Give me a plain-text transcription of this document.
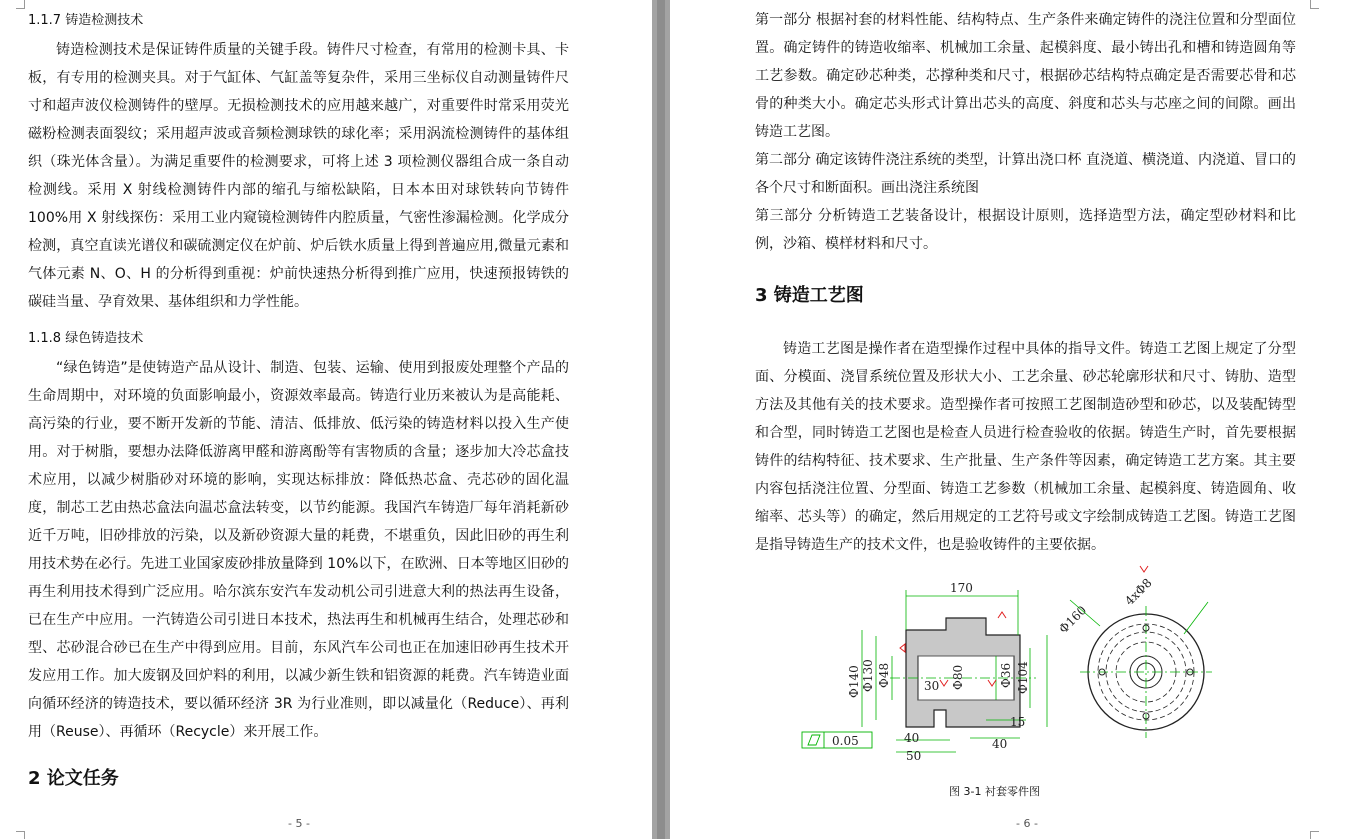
1.1.7 铸造检测技术

铸造检测技术是保证铸件质量的关键手段。铸件尺寸检查，有常用的检测卡具、卡板，有专用的检测夹具。对于气缸体、气缸盖等复杂件，采用三坐标仪自动测量铸件尺寸和超声波仪检测铸件的壁厚。无损检测技术的应用越来越广，对重要件时常采用荧光磁粉检测表面裂纹；采用超声波或音频检测球铁的球化率；采用涡流检测铸件的基体组织（珠光体含量）。为满足重要件的检测要求，可将上述 3 项检测仪器组合成一条自动检测线。采用 X 射线检测铸件内部的缩孔与缩松缺陷，日本本田对球铁转向节铸件 100%用 X 射线探伤：采用工业内窥镜检测铸件内腔质量，气密性渗漏检测。化学成分检测，真空直读光谱仪和碳硫测定仪在炉前、炉后铁水质量上得到普遍应用,微量元素和气体元素 N、O、H 的分析得到重视：炉前快速热分析得到推广应用，快速预报铸铁的碳硅当量、孕育效果、基体组织和力学性能。

1.1.8 绿色铸造技术

“绿色铸造”是使铸造产品从设计、制造、包装、运输、使用到报废处理整个产品的生命周期中，对环境的负面影响最小，资源效率最高。铸造行业历来被认为是高能耗、高污染的行业，要不断开发新的节能、清洁、低排放、低污染的铸造材料以投入生产使用。对于树脂，要想办法降低游离甲醛和游离酚等有害物质的含量；逐步加大冷芯盒技术应用，以减少树脂砂对环境的影响，实现达标排放：降低热芯盒、壳芯砂的固化温度，制芯工艺由热芯盒法向温芯盒法转变，以节约能源。我国汽车铸造厂每年消耗新砂近千万吨，旧砂排放的污染，以及新砂资源大量的耗费，不堪重负，因此旧砂的再生利用技术势在必行。先进工业国家废砂排放量降到 10%以下，在欧洲、日本等地区旧砂的再生利用技术得到广泛应用。哈尔滨东安汽车发动机公司引进意大利的热法再生设备，已在生产中应用。一汽铸造公司引进日本技术，热法再生和机械再生结合，处理芯砂和型、芯砂混合砂已在生产中得到应用。目前，东风汽车公司也正在加速旧砂再生技术开发应用工作。加大废钢及回炉料的利用，以减少新生铁和铝资源的耗费。汽车铸造业面向循环经济的铸造技术，要以循环经济 3R 为行业准则，即以减量化（Reduce）、再利用（Reuse）、再循环（Recycle）来开展工作。

2 论文任务
- 5 -

第一部分 根据衬套的材料性能、结构特点、生产条件来确定铸件的浇注位置和分型面位置。确定铸件的铸造收缩率、机械加工余量、起模斜度、最小铸出孔和槽和铸造圆角等工艺参数。确定砂芯种类，芯撑种类和尺寸，根据砂芯结构特点确定是否需要芯骨和芯骨的种类大小。确定芯头形式计算出芯头的高度、斜度和芯头与芯座之间的间隙。画出铸造工艺图。

第二部分 确定该铸件浇注系统的类型，计算出浇口杯 直浇道、横浇道、内浇道、冒口的各个尺寸和断面积。画出浇注系统图

第三部分 分析铸造工艺装备设计，根据设计原则，选择造型方法，确定型砂材料和比例，沙箱、模样材料和尺寸。

3 铸造工艺图

铸造工艺图是操作者在造型操作过程中具体的指导文件。铸造工艺图上规定了分型面、分模面、浇冒系统位置及形状大小、工艺余量、砂芯轮廓形状和尺寸、铸肋、造型方法及其他有关的技术要求。造型操作者可按照工艺图制造砂型和砂芯，以及装配铸型和合型，同时铸造工艺图也是检查人员进行检查验收的依据。铸造生产时，首先要根据铸件的结构特征、技术要求、生产批量、生产条件等因素，确定铸造工艺方案。其主要内容包括浇注位置、分型面、铸造工艺参数（机械加工余量、起模斜度、铸造圆角、收缩率、芯头等）的确定，然后用规定的工艺符号或文字绘制成铸造工艺图。铸造工艺图是指导铸造生产的技术文件，也是验收铸件的主要依据。

170
Φ140 Φ130 Φ48	30 Φ80	Φ36 Φ104
15
40
50
40
0.05
Φ160
4xΦ8
图 3-1 衬套零件图
- 6 -
